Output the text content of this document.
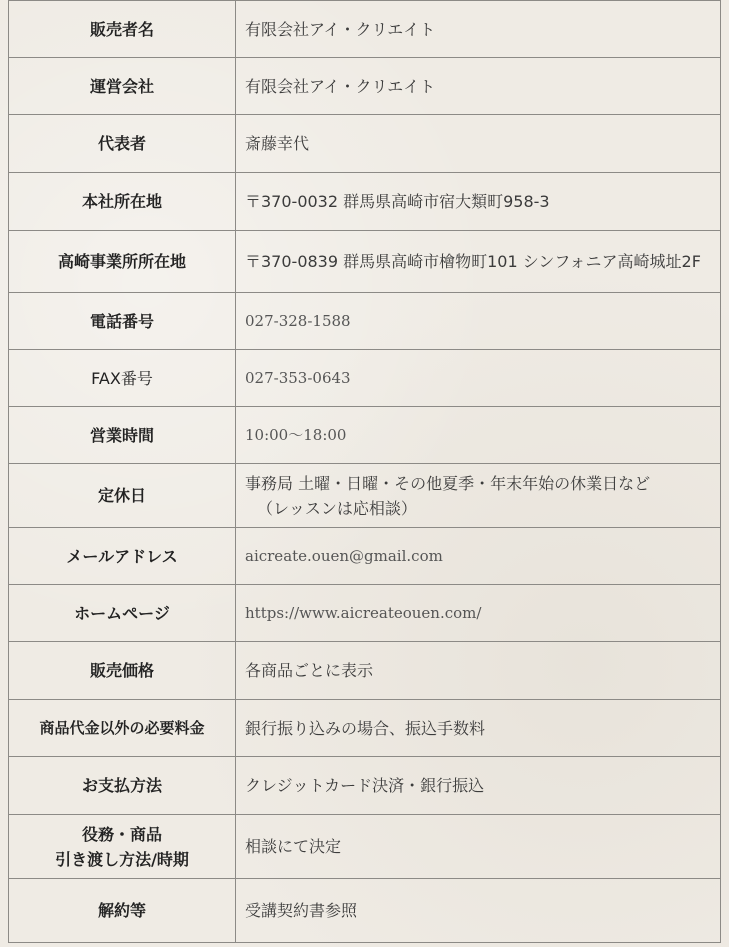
販売者名	有限会社アイ・クリエイト
運営会社	有限会社アイ・クリエイト
代表者	斎藤幸代
本社所在地	〒370-0032 群馬県高崎市宿大類町958-3
高崎事業所所在地	〒370-0839 群馬県高崎市檜物町101 シンフォニア高崎城址2F
電話番号	027-328-1588
FAX番号	027-353-0643
営業時間	10:00〜18:00
定休日	事務局 土曜・日曜・その他夏季・年末年始の休業日など
（レッスンは応相談）

メールアドレス	aicreate.ouen@gmail.com
ホームページ	https://www.aicreateouen.com/
販売価格	各商品ごとに表示
商品代金以外の必要料金	銀行振り込みの場合、振込手数料
お支払方法	クレジットカード決済・銀行振込

役務・商品
引き渡し方法/時期	相談にて決定
解約等	受講契約書参照
